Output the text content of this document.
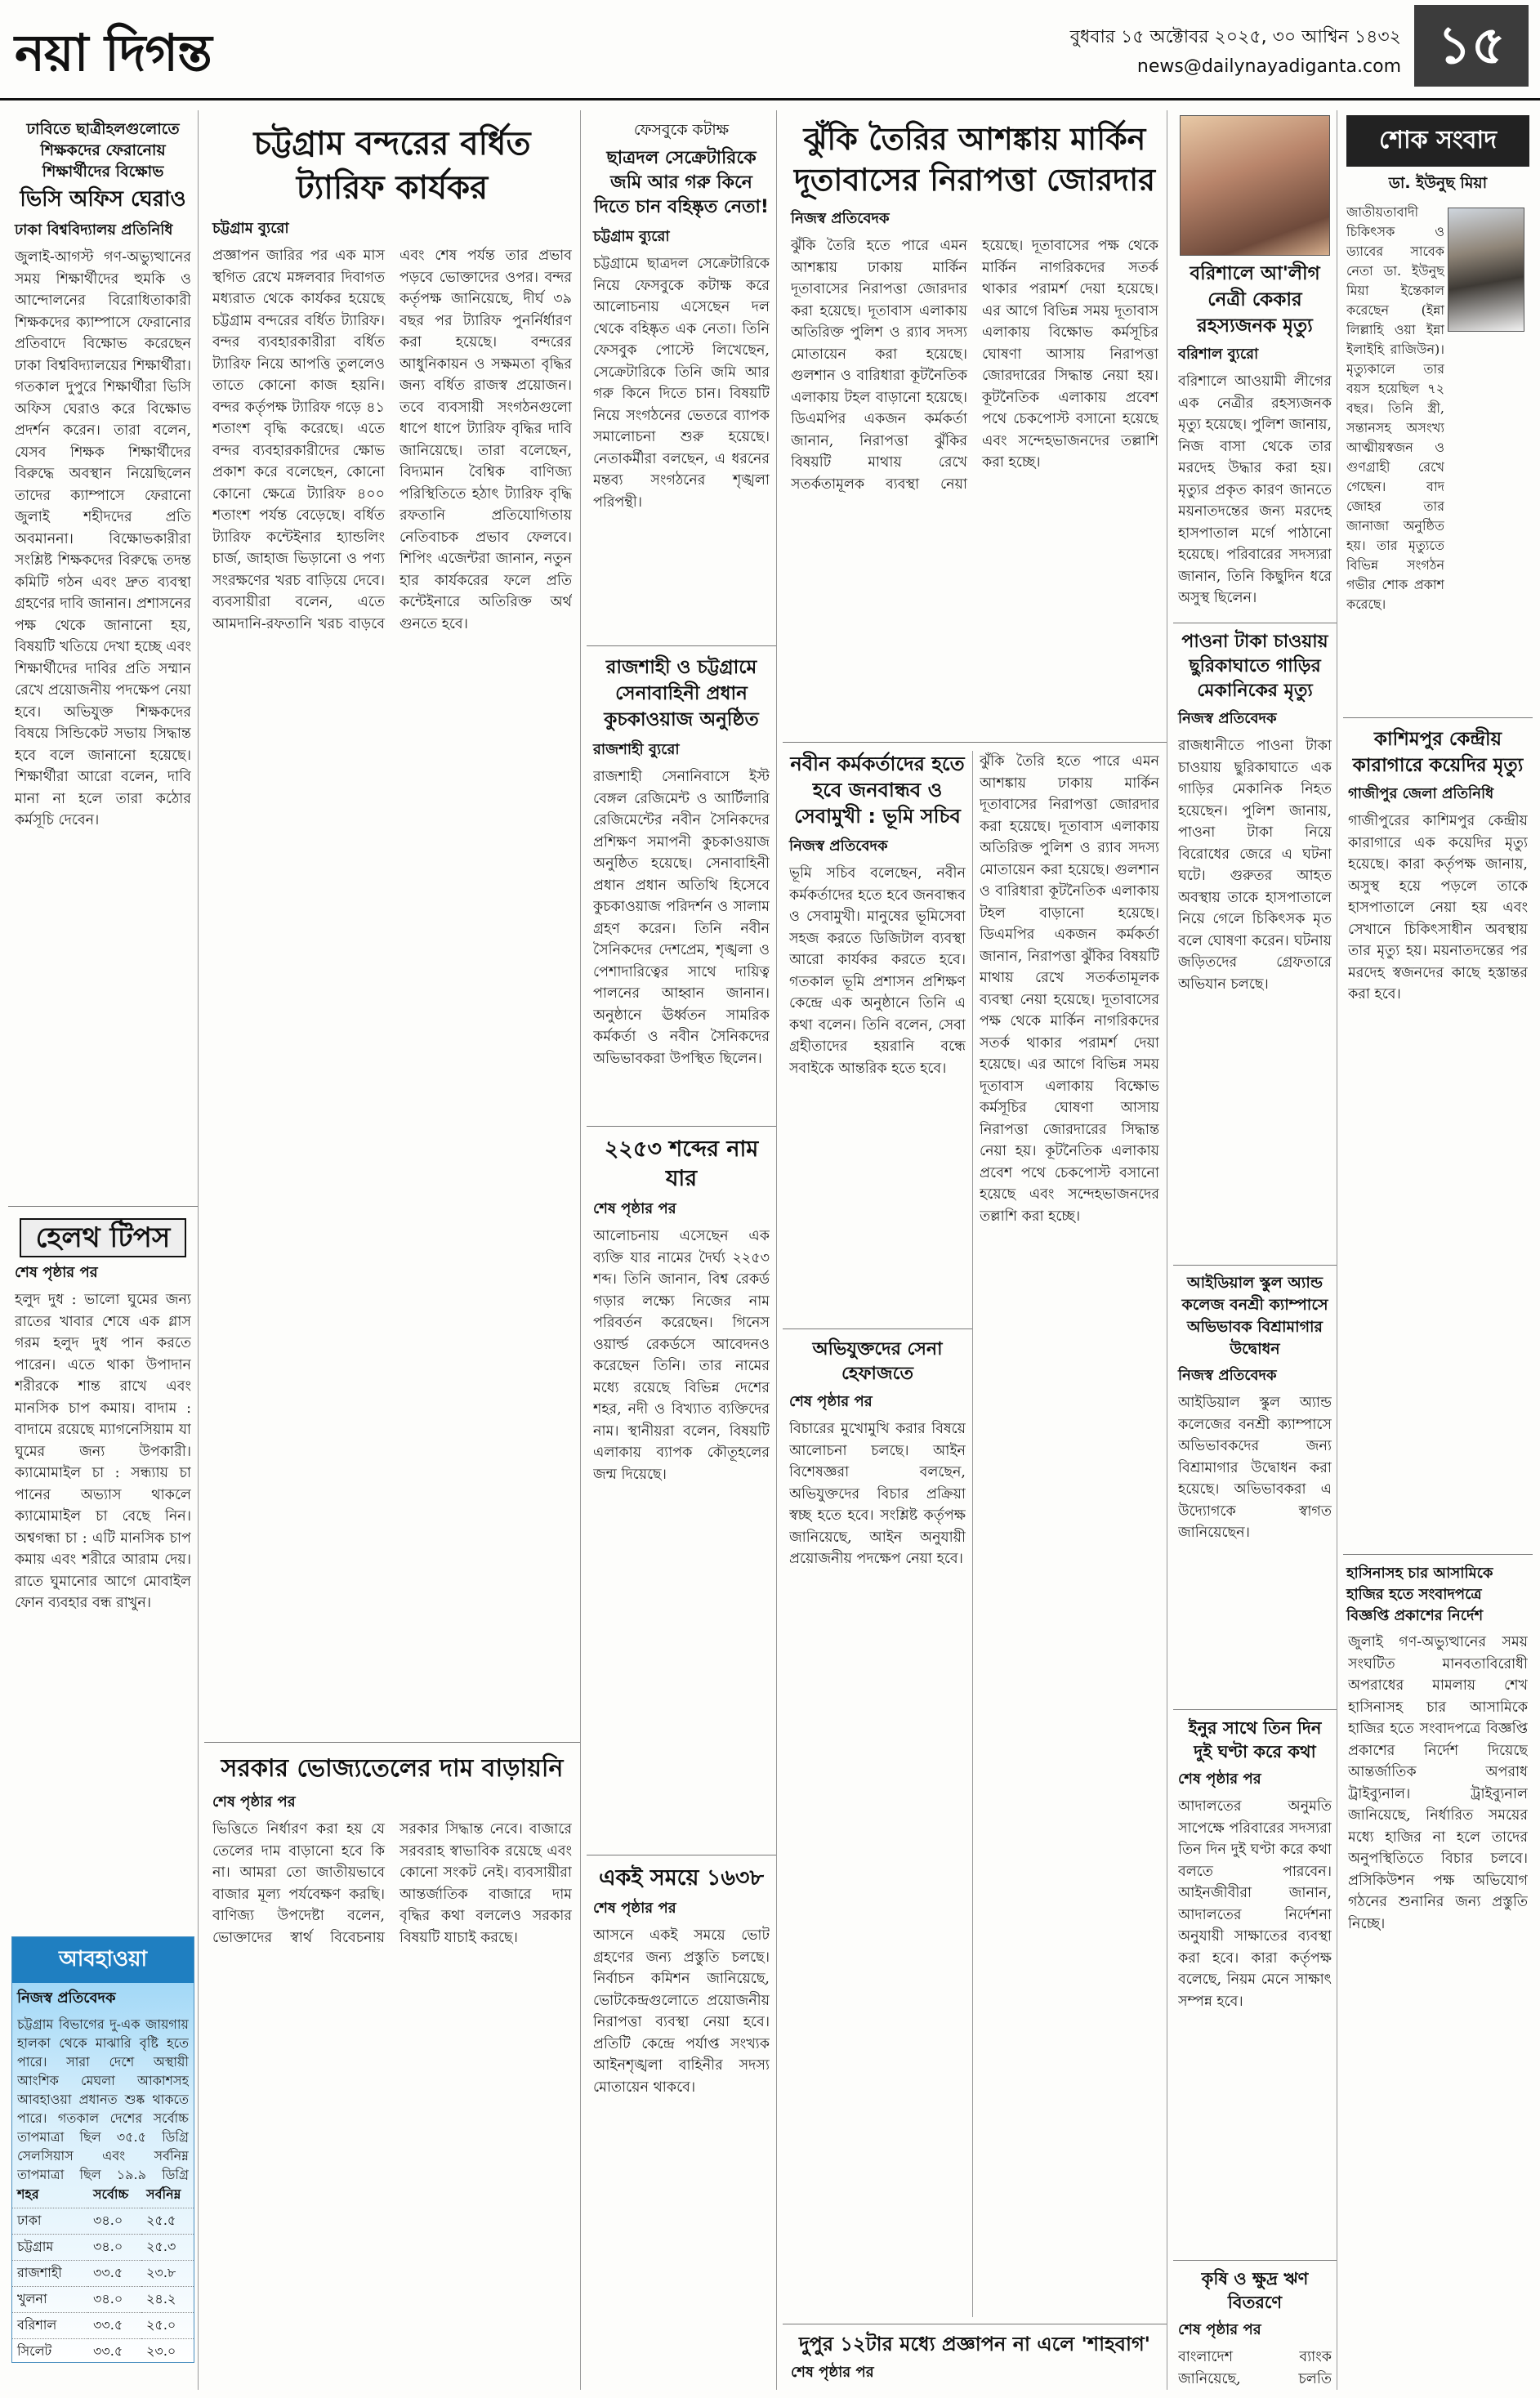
নয়া দিগন্ত	বুধবার ১৫ অক্টোবর ২০২৫, ৩০ আশ্বিন ১৪৩২
news@dailynayadiganta.com ১৫
ঢাবিতে ছাত্রীহলগুলোতে শিক্ষকদের ফেরানোয় শিক্ষার্থীদের বিক্ষোভ
ভিসি অফিস ঘেরাও
ঢাকা বিশ্ববিদ্যালয় প্রতিনিধি
জুলাই-আগস্ট গণ-অভ্যুত্থানের সময় শিক্ষার্থীদের হুমকি ও আন্দোলনের বিরোধিতাকারী শিক্ষকদের ক্যাম্পাসে ফেরানোর প্রতিবাদে বিক্ষোভ করেছেন ঢাকা বিশ্ববিদ্যালয়ের শিক্ষার্থীরা। গতকাল দুপুরে শিক্ষার্থীরা ভিসি অফিস ঘেরাও করে বিক্ষোভ প্রদর্শন করেন। তারা বলেন, যেসব শিক্ষক শিক্ষার্থীদের বিরুদ্ধে অবস্থান নিয়েছিলেন তাদের ক্যাম্পাসে ফেরানো জুলাই শহীদদের প্রতি অবমাননা। বিক্ষোভকারীরা সংশ্লিষ্ট শিক্ষকদের বিরুদ্ধে তদন্ত কমিটি গঠন এবং দ্রুত ব্যবস্থা গ্রহণের দাবি জানান। প্রশাসনের পক্ষ থেকে জানানো হয়, বিষয়টি খতিয়ে দেখা হচ্ছে এবং শিক্ষার্থীদের দাবির প্রতি সম্মান রেখে প্রয়োজনীয় পদক্ষেপ নেয়া হবে। অভিযুক্ত শিক্ষকদের বিষয়ে সিন্ডিকেট সভায় সিদ্ধান্ত হবে বলে জানানো হয়েছে। শিক্ষার্থীরা আরো বলেন, দাবি মানা না হলে তারা কঠোর কর্মসূচি দেবেন।
হেলথ টিপস
শেষ পৃষ্ঠার পর
হলুদ দুধ : ভালো ঘুমের জন্য রাতের খাবার শেষে এক গ্লাস গরম হলুদ দুধ পান করতে পারেন। এতে থাকা উপাদান শরীরকে শান্ত রাখে এবং মানসিক চাপ কমায়। বাদাম : বাদামে রয়েছে ম্যাগনেসিয়াম যা ঘুমের জন্য উপকারী। ক্যামোমাইল চা : সন্ধ্যায় চা পানের অভ্যাস থাকলে ক্যামোমাইল চা বেছে নিন। অশ্বগন্ধা চা : এটি মানসিক চাপ কমায় এবং শরীরে আরাম দেয়। রাতে ঘুমানোর আগে মোবাইল ফোন ব্যবহার বন্ধ রাখুন।
আবহাওয়া
নিজস্ব প্রতিবেদক
চট্টগ্রাম বিভাগের দু-এক জায়গায় হালকা থেকে মাঝারি বৃষ্টি হতে পারে। সারা দেশে অস্থায়ী আংশিক মেঘলা আকাশসহ আবহাওয়া প্রধানত শুষ্ক থাকতে পারে। গতকাল দেশের সর্বোচ্চ তাপমাত্রা ছিল ৩৫.৫ ডিগ্রি সেলসিয়াস এবং সর্বনিম্ন তাপমাত্রা ছিল ১৯.৯ ডিগ্রি
শহর	সর্বোচ্চ	সর্বনিম্ন
ঢাকা	৩৪.০	২৫.৫
চট্টগ্রাম	৩৪.০	২৫.৩
রাজশাহী	৩৩.৫	২৩.৮
খুলনা	৩৪.০	২৪.২
বরিশাল	৩৩.৫	২৫.০
সিলেট	৩৩.৫	২৩.০

চট্টগ্রাম বন্দরের বর্ধিত ট্যারিফ কার্যকর
চট্টগ্রাম ব্যুরো
প্রজ্ঞাপন জারির পর এক মাস স্থগিত রেখে মঙ্গলবার দিবাগত মধ্যরাত থেকে কার্যকর হয়েছে চট্টগ্রাম বন্দরের বর্ধিত ট্যারিফ। বন্দর ব্যবহারকারীরা বর্ধিত ট্যারিফ নিয়ে আপত্তি তুললেও তাতে কোনো কাজ হয়নি। বন্দর কর্তৃপক্ষ ট্যারিফ গড়ে ৪১ শতাংশ বৃদ্ধি করেছে। এতে বন্দর ব্যবহারকারীদের ক্ষোভ প্রকাশ করে বলেছেন, কোনো কোনো ক্ষেত্রে ট্যারিফ ৪০০ শতাংশ পর্যন্ত বেড়েছে। বর্ধিত ট্যারিফ কন্টেইনার হ্যান্ডলিং চার্জ, জাহাজ ভিড়ানো ও পণ্য সংরক্ষণের খরচ বাড়িয়ে দেবে। ব্যবসায়ীরা বলেন, এতে আমদানি-রফতানি খরচ বাড়বে এবং শেষ পর্যন্ত তার প্রভাব পড়বে ভোক্তাদের ওপর। বন্দর কর্তৃপক্ষ জানিয়েছে, দীর্ঘ ৩৯ বছর পর ট্যারিফ পুনর্নির্ধারণ করা হয়েছে। বন্দরের আধুনিকায়ন ও সক্ষমতা বৃদ্ধির জন্য বর্ধিত রাজস্ব প্রয়োজন। তবে ব্যবসায়ী সংগঠনগুলো ধাপে ধাপে ট্যারিফ বৃদ্ধির দাবি জানিয়েছে। তারা বলেছেন, বিদ্যমান বৈশ্বিক বাণিজ্য পরিস্থিতিতে হঠাৎ ট্যারিফ বৃদ্ধি রফতানি প্রতিযোগিতায় নেতিবাচক প্রভাব ফেলবে। শিপিং এজেন্টরা জানান, নতুন হার কার্যকরের ফলে প্রতি কন্টেইনারে অতিরিক্ত অর্থ গুনতে হবে।
সরকার ভোজ্যতেলের দাম বাড়ায়নি
শেষ পৃষ্ঠার পর
ভিত্তিতে নির্ধারণ করা হয় যে তেলের দাম বাড়ানো হবে কি না। আমরা তো জাতীয়ভাবে বাজার মূল্য পর্যবেক্ষণ করছি। বাণিজ্য উপদেষ্টা বলেন, ভোক্তাদের স্বার্থ বিবেচনায় সরকার সিদ্ধান্ত নেবে। বাজারে সরবরাহ স্বাভাবিক রয়েছে এবং কোনো সংকট নেই। ব্যবসায়ীরা আন্তর্জাতিক বাজারে দাম বৃদ্ধির কথা বললেও সরকার বিষয়টি যাচাই করছে।
ফেসবুকে কটাক্ষ
ছাত্রদল সেক্রেটারিকে জমি আর গরু কিনে দিতে চান বহিষ্কৃত নেতা!
চট্টগ্রাম ব্যুরো
চট্টগ্রামে ছাত্রদল সেক্রেটারিকে নিয়ে ফেসবুকে কটাক্ষ করে আলোচনায় এসেছেন দল থেকে বহিষ্কৃত এক নেতা। তিনি ফেসবুক পোস্টে লিখেছেন, সেক্রেটারিকে তিনি জমি আর গরু কিনে দিতে চান। বিষয়টি নিয়ে সংগঠনের ভেতরে ব্যাপক সমালোচনা শুরু হয়েছে। নেতাকর্মীরা বলছেন, এ ধরনের মন্তব্য সংগঠনের শৃঙ্খলা পরিপন্থী।
রাজশাহী ও চট্টগ্রামে সেনাবাহিনী প্রধান কুচকাওয়াজ অনুষ্ঠিত
রাজশাহী ব্যুরো
রাজশাহী সেনানিবাসে ইস্ট বেঙ্গল রেজিমেন্ট ও আর্টিলারি রেজিমেন্টের নবীন সৈনিকদের প্রশিক্ষণ সমাপনী কুচকাওয়াজ অনুষ্ঠিত হয়েছে। সেনাবাহিনী প্রধান প্রধান অতিথি হিসেবে কুচকাওয়াজ পরিদর্শন ও সালাম গ্রহণ করেন। তিনি নবীন সৈনিকদের দেশপ্রেম, শৃঙ্খলা ও পেশাদারিত্বের সাথে দায়িত্ব পালনের আহ্বান জানান। অনুষ্ঠানে ঊর্ধ্বতন সামরিক কর্মকর্তা ও নবীন সৈনিকদের অভিভাবকরা উপস্থিত ছিলেন।
২২৫৩ শব্দের নাম যার
শেষ পৃষ্ঠার পর
আলোচনায় এসেছেন এক ব্যক্তি যার নামের দৈর্ঘ্য ২২৫৩ শব্দ। তিনি জানান, বিশ্ব রেকর্ড গড়ার লক্ষ্যে নিজের নাম পরিবর্তন করেছেন। গিনেস ওয়ার্ল্ড রেকর্ডসে আবেদনও করেছেন তিনি। তার নামের মধ্যে রয়েছে বিভিন্ন দেশের শহর, নদী ও বিখ্যাত ব্যক্তিদের নাম। স্থানীয়রা বলেন, বিষয়টি এলাকায় ব্যাপক কৌতূহলের জন্ম দিয়েছে।
একই সময়ে ১৬৩৮
শেষ পৃষ্ঠার পর
আসনে একই সময়ে ভোট গ্রহণের জন্য প্রস্তুতি চলছে। নির্বাচন কমিশন জানিয়েছে, ভোটকেন্দ্রগুলোতে প্রয়োজনীয় নিরাপত্তা ব্যবস্থা নেয়া হবে। প্রতিটি কেন্দ্রে পর্যাপ্ত সংখ্যক আইনশৃঙ্খলা বাহিনীর সদস্য মোতায়েন থাকবে।
ঝুঁকি তৈরির আশঙ্কায় মার্কিন দূতাবাসের নিরাপত্তা জোরদার
নিজস্ব প্রতিবেদক
ঝুঁকি তৈরি হতে পারে এমন আশঙ্কায় ঢাকায় মার্কিন দূতাবাসের নিরাপত্তা জোরদার করা হয়েছে। দূতাবাস এলাকায় অতিরিক্ত পুলিশ ও র‍্যাব সদস্য মোতায়েন করা হয়েছে। গুলশান ও বারিধারা কূটনৈতিক এলাকায় টহল বাড়ানো হয়েছে। ডিএমপির একজন কর্মকর্তা জানান, নিরাপত্তা ঝুঁকির বিষয়টি মাথায় রেখে সতর্কতামূলক ব্যবস্থা নেয়া হয়েছে। দূতাবাসের পক্ষ থেকে মার্কিন নাগরিকদের সতর্ক থাকার পরামর্শ দেয়া হয়েছে। এর আগে বিভিন্ন সময় দূতাবাস এলাকায় বিক্ষোভ কর্মসূচির ঘোষণা আসায় নিরাপত্তা জোরদারের সিদ্ধান্ত নেয়া হয়। কূটনৈতিক এলাকায় প্রবেশ পথে চেকপোস্ট বসানো হয়েছে এবং সন্দেহভাজনদের তল্লাশি করা হচ্ছে।
নবীন কর্মকর্তাদের হতে হবে জনবান্ধব ও সেবামুখী : ভূমি সচিব
নিজস্ব প্রতিবেদক
ভূমি সচিব বলেছেন, নবীন কর্মকর্তাদের হতে হবে জনবান্ধব ও সেবামুখী। মানুষের ভূমিসেবা সহজ করতে ডিজিটাল ব্যবস্থা আরো কার্যকর করতে হবে। গতকাল ভূমি প্রশাসন প্রশিক্ষণ কেন্দ্রে এক অনুষ্ঠানে তিনি এ কথা বলেন। তিনি বলেন, সেবা গ্রহীতাদের হয়রানি বন্ধে সবাইকে আন্তরিক হতে হবে।
অভিযুক্তদের সেনা হেফাজতে
শেষ পৃষ্ঠার পর
বিচারের মুখোমুখি করার বিষয়ে আলোচনা চলছে। আইন বিশেষজ্ঞরা বলছেন, অভিযুক্তদের বিচার প্রক্রিয়া স্বচ্ছ হতে হবে। সংশ্লিষ্ট কর্তৃপক্ষ জানিয়েছে, আইন অনুযায়ী প্রয়োজনীয় পদক্ষেপ নেয়া হবে।
ঝুঁকি তৈরি হতে পারে এমন আশঙ্কায় ঢাকায় মার্কিন দূতাবাসের নিরাপত্তা জোরদার করা হয়েছে। দূতাবাস এলাকায় অতিরিক্ত পুলিশ ও র‍্যাব সদস্য মোতায়েন করা হয়েছে। গুলশান ও বারিধারা কূটনৈতিক এলাকায় টহল বাড়ানো হয়েছে। ডিএমপির একজন কর্মকর্তা জানান, নিরাপত্তা ঝুঁকির বিষয়টি মাথায় রেখে সতর্কতামূলক ব্যবস্থা নেয়া হয়েছে। দূতাবাসের পক্ষ থেকে মার্কিন নাগরিকদের সতর্ক থাকার পরামর্শ দেয়া হয়েছে। এর আগে বিভিন্ন সময় দূতাবাস এলাকায় বিক্ষোভ কর্মসূচির ঘোষণা আসায় নিরাপত্তা জোরদারের সিদ্ধান্ত নেয়া হয়। কূটনৈতিক এলাকায় প্রবেশ পথে চেকপোস্ট বসানো হয়েছে এবং সন্দেহভাজনদের তল্লাশি করা হচ্ছে।
দুপুর ১২টার মধ্যে প্রজ্ঞাপন না এলে 'শাহবাগ'
শেষ পৃষ্ঠার পর
বরিশালে আ'লীগ নেত্রী কেকার রহস্যজনক মৃত্যু
বরিশাল ব্যুরো
বরিশালে আওয়ামী লীগের এক নেত্রীর রহস্যজনক মৃত্যু হয়েছে। পুলিশ জানায়, নিজ বাসা থেকে তার মরদেহ উদ্ধার করা হয়। মৃত্যুর প্রকৃত কারণ জানতে ময়নাতদন্তের জন্য মরদেহ হাসপাতাল মর্গে পাঠানো হয়েছে। পরিবারের সদস্যরা জানান, তিনি কিছুদিন ধরে অসুস্থ ছিলেন।
পাওনা টাকা চাওয়ায় ছুরিকাঘাতে গাড়ির মেকানিকের মৃত্যু
নিজস্ব প্রতিবেদক
রাজধানীতে পাওনা টাকা চাওয়ায় ছুরিকাঘাতে এক গাড়ির মেকানিক নিহত হয়েছেন। পুলিশ জানায়, পাওনা টাকা নিয়ে বিরোধের জেরে এ ঘটনা ঘটে। গুরুতর আহত অবস্থায় তাকে হাসপাতালে নিয়ে গেলে চিকিৎসক মৃত বলে ঘোষণা করেন। ঘটনায় জড়িতদের গ্রেফতারে অভিযান চলছে।
আইডিয়াল স্কুল অ্যান্ড কলেজ বনশ্রী ক্যাম্পাসে অভিভাবক বিশ্রামাগার উদ্বোধন
নিজস্ব প্রতিবেদক
আইডিয়াল স্কুল অ্যান্ড কলেজের বনশ্রী ক্যাম্পাসে অভিভাবকদের জন্য বিশ্রামাগার উদ্বোধন করা হয়েছে। অভিভাবকরা এ উদ্যোগকে স্বাগত জানিয়েছেন।
ইনুর সাথে তিন দিন দুই ঘণ্টা করে কথা
শেষ পৃষ্ঠার পর
আদালতের অনুমতি সাপেক্ষে পরিবারের সদস্যরা তিন দিন দুই ঘণ্টা করে কথা বলতে পারবেন। আইনজীবীরা জানান, আদালতের নির্দেশনা অনুযায়ী সাক্ষাতের ব্যবস্থা করা হবে। কারা কর্তৃপক্ষ বলেছে, নিয়ম মেনে সাক্ষাৎ সম্পন্ন হবে।
কৃষি ও ক্ষুদ্র ঋণ বিতরণে
শেষ পৃষ্ঠার পর
বাংলাদেশ ব্যাংক জানিয়েছে, চলতি
শোক সংবাদ
ডা. ইউনুছ মিয়া
জাতীয়তাবাদী চিকিৎসক ও ড্যাবের সাবেক নেতা ডা. ইউনুছ মিয়া ইন্তেকাল করেছেন (ইন্না লিল্লাহি ওয়া ইন্না ইলাইহি রাজিউন)। মৃত্যুকালে তার বয়স হয়েছিল ৭২ বছর। তিনি স্ত্রী, সন্তানসহ অসংখ্য আত্মীয়স্বজন ও গুণগ্রাহী রেখে গেছেন। বাদ জোহর তার জানাজা অনুষ্ঠিত হয়। তার মৃত্যুতে বিভিন্ন সংগঠন গভীর শোক প্রকাশ করেছে।
কাশিমপুর কেন্দ্রীয় কারাগারে কয়েদির মৃত্যু
গাজীপুর জেলা প্রতিনিধি
গাজীপুরের কাশিমপুর কেন্দ্রীয় কারাগারে এক কয়েদির মৃত্যু হয়েছে। কারা কর্তৃপক্ষ জানায়, অসুস্থ হয়ে পড়লে তাকে হাসপাতালে নেয়া হয় এবং সেখানে চিকিৎসাধীন অবস্থায় তার মৃত্যু হয়। ময়নাতদন্তের পর মরদেহ স্বজনদের কাছে হস্তান্তর করা হবে।
হাসিনাসহ চার আসামিকে হাজির হতে সংবাদপত্রে বিজ্ঞপ্তি প্রকাশের নির্দেশ
জুলাই গণ-অভ্যুত্থানের সময় সংঘটিত মানবতাবিরোধী অপরাধের মামলায় শেখ হাসিনাসহ চার আসামিকে হাজির হতে সংবাদপত্রে বিজ্ঞপ্তি প্রকাশের নির্দেশ দিয়েছে আন্তর্জাতিক অপরাধ ট্রাইব্যুনাল। ট্রাইব্যুনাল জানিয়েছে, নির্ধারিত সময়ের মধ্যে হাজির না হলে তাদের অনুপস্থিতিতে বিচার চলবে। প্রসিকিউশন পক্ষ অভিযোগ গঠনের শুনানির জন্য প্রস্তুতি নিচ্ছে।
